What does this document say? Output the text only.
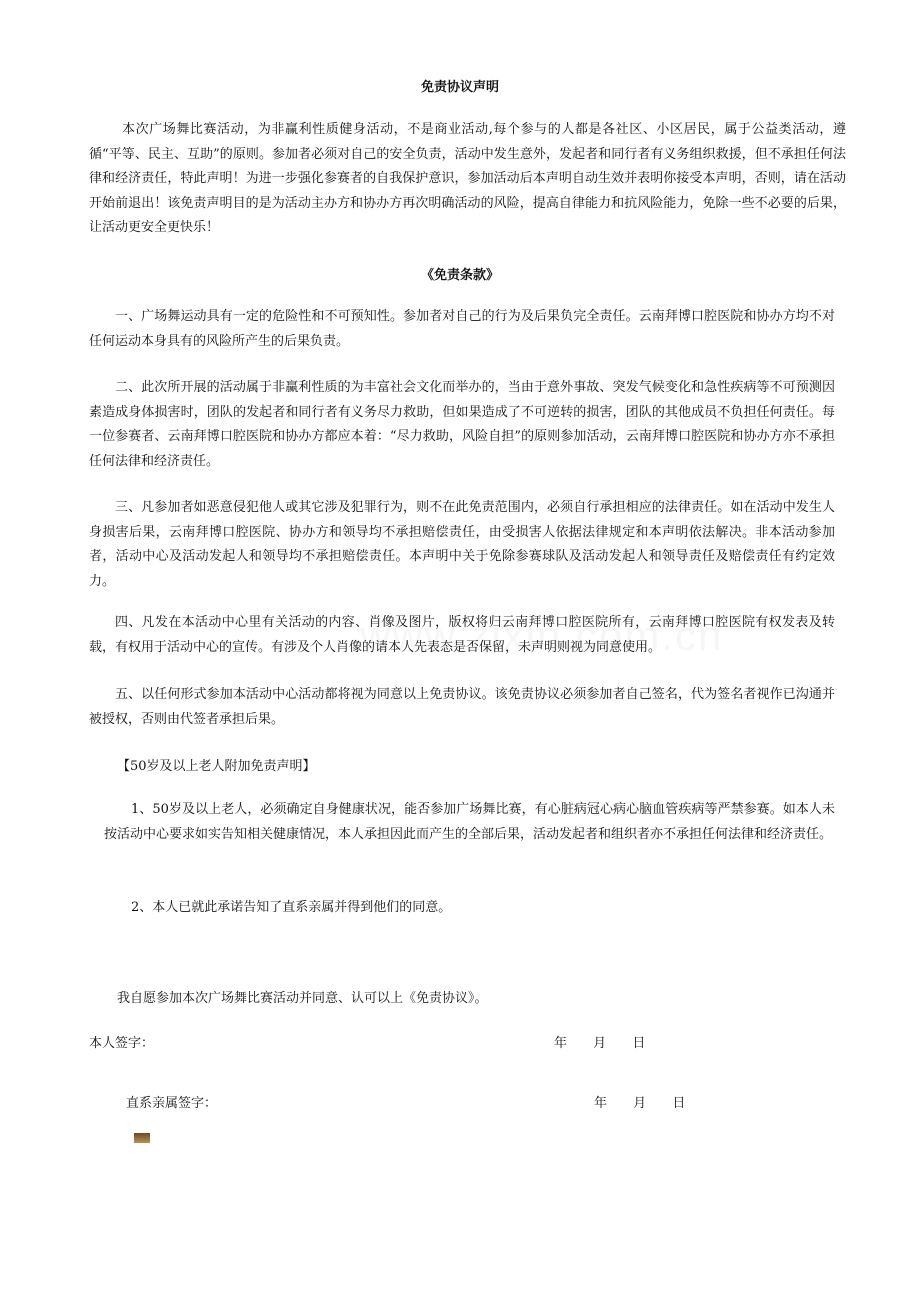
免责协议声明
本次广场舞比赛活动，为非赢利性质健身活动，不是商业活动,每个参与的人都是各社区、小区居民，属于公益类活动，遵循“平等、民主、互助”的原则。参加者必须对自己的安全负责，活动中发生意外，发起者和同行者有义务组织救援，但不承担任何法律和经济责任，特此声明！为进一步强化参赛者的自我保护意识，参加活动后本声明自动生效并表明你接受本声明，否则，请在活动开始前退出！该免责声明目的是为活动主办方和协办方再次明确活动的风险，提高自律能力和抗风险能力，免除一些不必要的后果，让活动更安全更快乐！
《免责条款》
一、广场舞运动具有一定的危险性和不可预知性。参加者对自己的行为及后果负完全责任。云南拜博口腔医院和协办方均不对任何运动本身具有的风险所产生的后果负责。
二、此次所开展的活动属于非赢利性质的为丰富社会文化而举办的，当由于意外事故、突发气候变化和急性疾病等不可预测因素造成身体损害时，团队的发起者和同行者有义务尽力救助，但如果造成了不可逆转的损害，团队的其他成员不负担任何责任。每一位参赛者、云南拜博口腔医院和协办方都应本着：“尽力救助，风险自担”的原则参加活动，云南拜博口腔医院和协办方亦不承担任何法律和经济责任。
三、凡参加者如恶意侵犯他人或其它涉及犯罪行为，则不在此免责范围内，必须自行承担相应的法律责任。如在活动中发生人身损害后果，云南拜博口腔医院、协办方和领导均不承担赔偿责任，由受损害人依据法律规定和本声明依法解决。非本活动参加者，活动中心及活动发起人和领导均不承担赔偿责任。本声明中关于免除参赛球队及活动发起人和领导责任及赔偿责任有约定效力。
四、凡发在本活动中心里有关活动的内容、肖像及图片，版权将归云南拜博口腔医院所有，云南拜博口腔医院有权发表及转载，有权用于活动中心的宣传。有涉及个人肖像的请本人先表态是否保留，未声明则视为同意使用。
五、以任何形式参加本活动中心活动都将视为同意以上免责协议。该免责协议必须参加者自己签名，代为签名者视作已沟通并被授权，否则由代签者承担后果。
【50岁及以上老人附加免责声明】
1、50岁及以上老人，必须确定自身健康状况，能否参加广场舞比赛，有心脏病冠心病心脑血管疾病等严禁参赛。如本人未按活动中心要求如实告知相关健康情况，本人承担因此而产生的全部后果，活动发起者和组织者亦不承担任何法律和经济责任。
2、本人已就此承诺告知了直系亲属并得到他们的同意。
我自愿参加本次广场舞比赛活动并同意、认可以上《免责协议》。
本人签字：	年 月 日
直系亲属签字：	年 月 日
